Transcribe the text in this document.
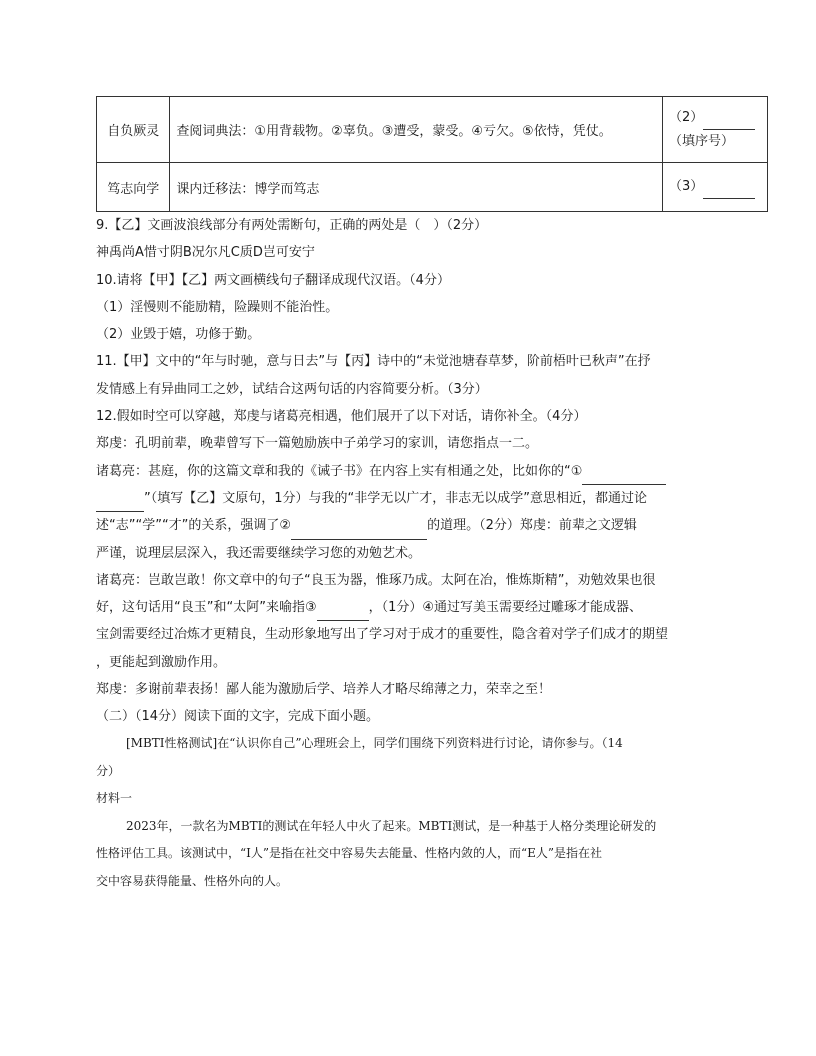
自负厥灵	查阅词典法：①用背载物。②辜负。③遭受，蒙受。④亏欠。⑤依恃，凭仗。	（2）
（填序号）

笃志向学	课内迁移法：博学而笃志	（3）
9.【乙】文画波浪线部分有两处需断句，正确的两处是（　）（2分）
神禹尚A惜寸阴B况尔凡C质D岂可安宁
10.请将【甲】【乙】两文画横线句子翻译成现代汉语。（4分）
（1）淫慢则不能励精，险躁则不能治性。
（2）业毁于嬉，功修于勤。
11.【甲】文中的“年与时驰，意与日去”与【丙】诗中的“未觉池塘春草梦，阶前梧叶已秋声”在抒
发情感上有异曲同工之妙，试结合这两句话的内容简要分析。（3分）
12.假如时空可以穿越，郑虔与诸葛亮相遇，他们展开了以下对话，请你补全。（4分）
郑虔：孔明前辈，晚辈曾写下一篇勉励族中子弟学习的家训，请您指点一二。
诸葛亮：甚庭，你的这篇文章和我的《诫子书》在内容上实有相通之处，比如你的“①
”（填写【乙】文原句，1分）与我的“非学无以广才，非志无以成学”意思相近，都通过论
述“志”“学”“才”的关系，强调了②	的道理。（2分）郑虔：前辈之文逻辑
严谨，说理层层深入，我还需要继续学习您的劝勉艺术。
诸葛亮：岂敢岂敢！你文章中的句子“良玉为器，惟琢乃成。太阿在冶，惟炼斯精”，劝勉效果也很
好，这句话用“良玉”和“太阿”来喻指③	，（1分）④通过写美玉需要经过雕琢才能成器、
宝剑需要经过冶炼才更精良，生动形象地写出了学习对于成才的重要性，隐含着对学子们成才的期望
，更能起到激励作用。
郑虔：多谢前辈表扬！鄙人能为激励后学、培养人才略尽绵薄之力，荣幸之至！
（二）（14分）阅读下面的文字，完成下面小题。
[MBTI性格测试]在“认识你自己”心理班会上，同学们围绕下列资料进行讨论，请你参与。（14
分）
材料一
2023年，一款名为MBTI的测试在年轻人中火了起来。MBTI测试，是一种基于人格分类理论研发的
性格评估工具。该测试中，“I人”是指在社交中容易失去能量、性格内敛的人，而“E人”是指在社
交中容易获得能量、性格外向的人。
